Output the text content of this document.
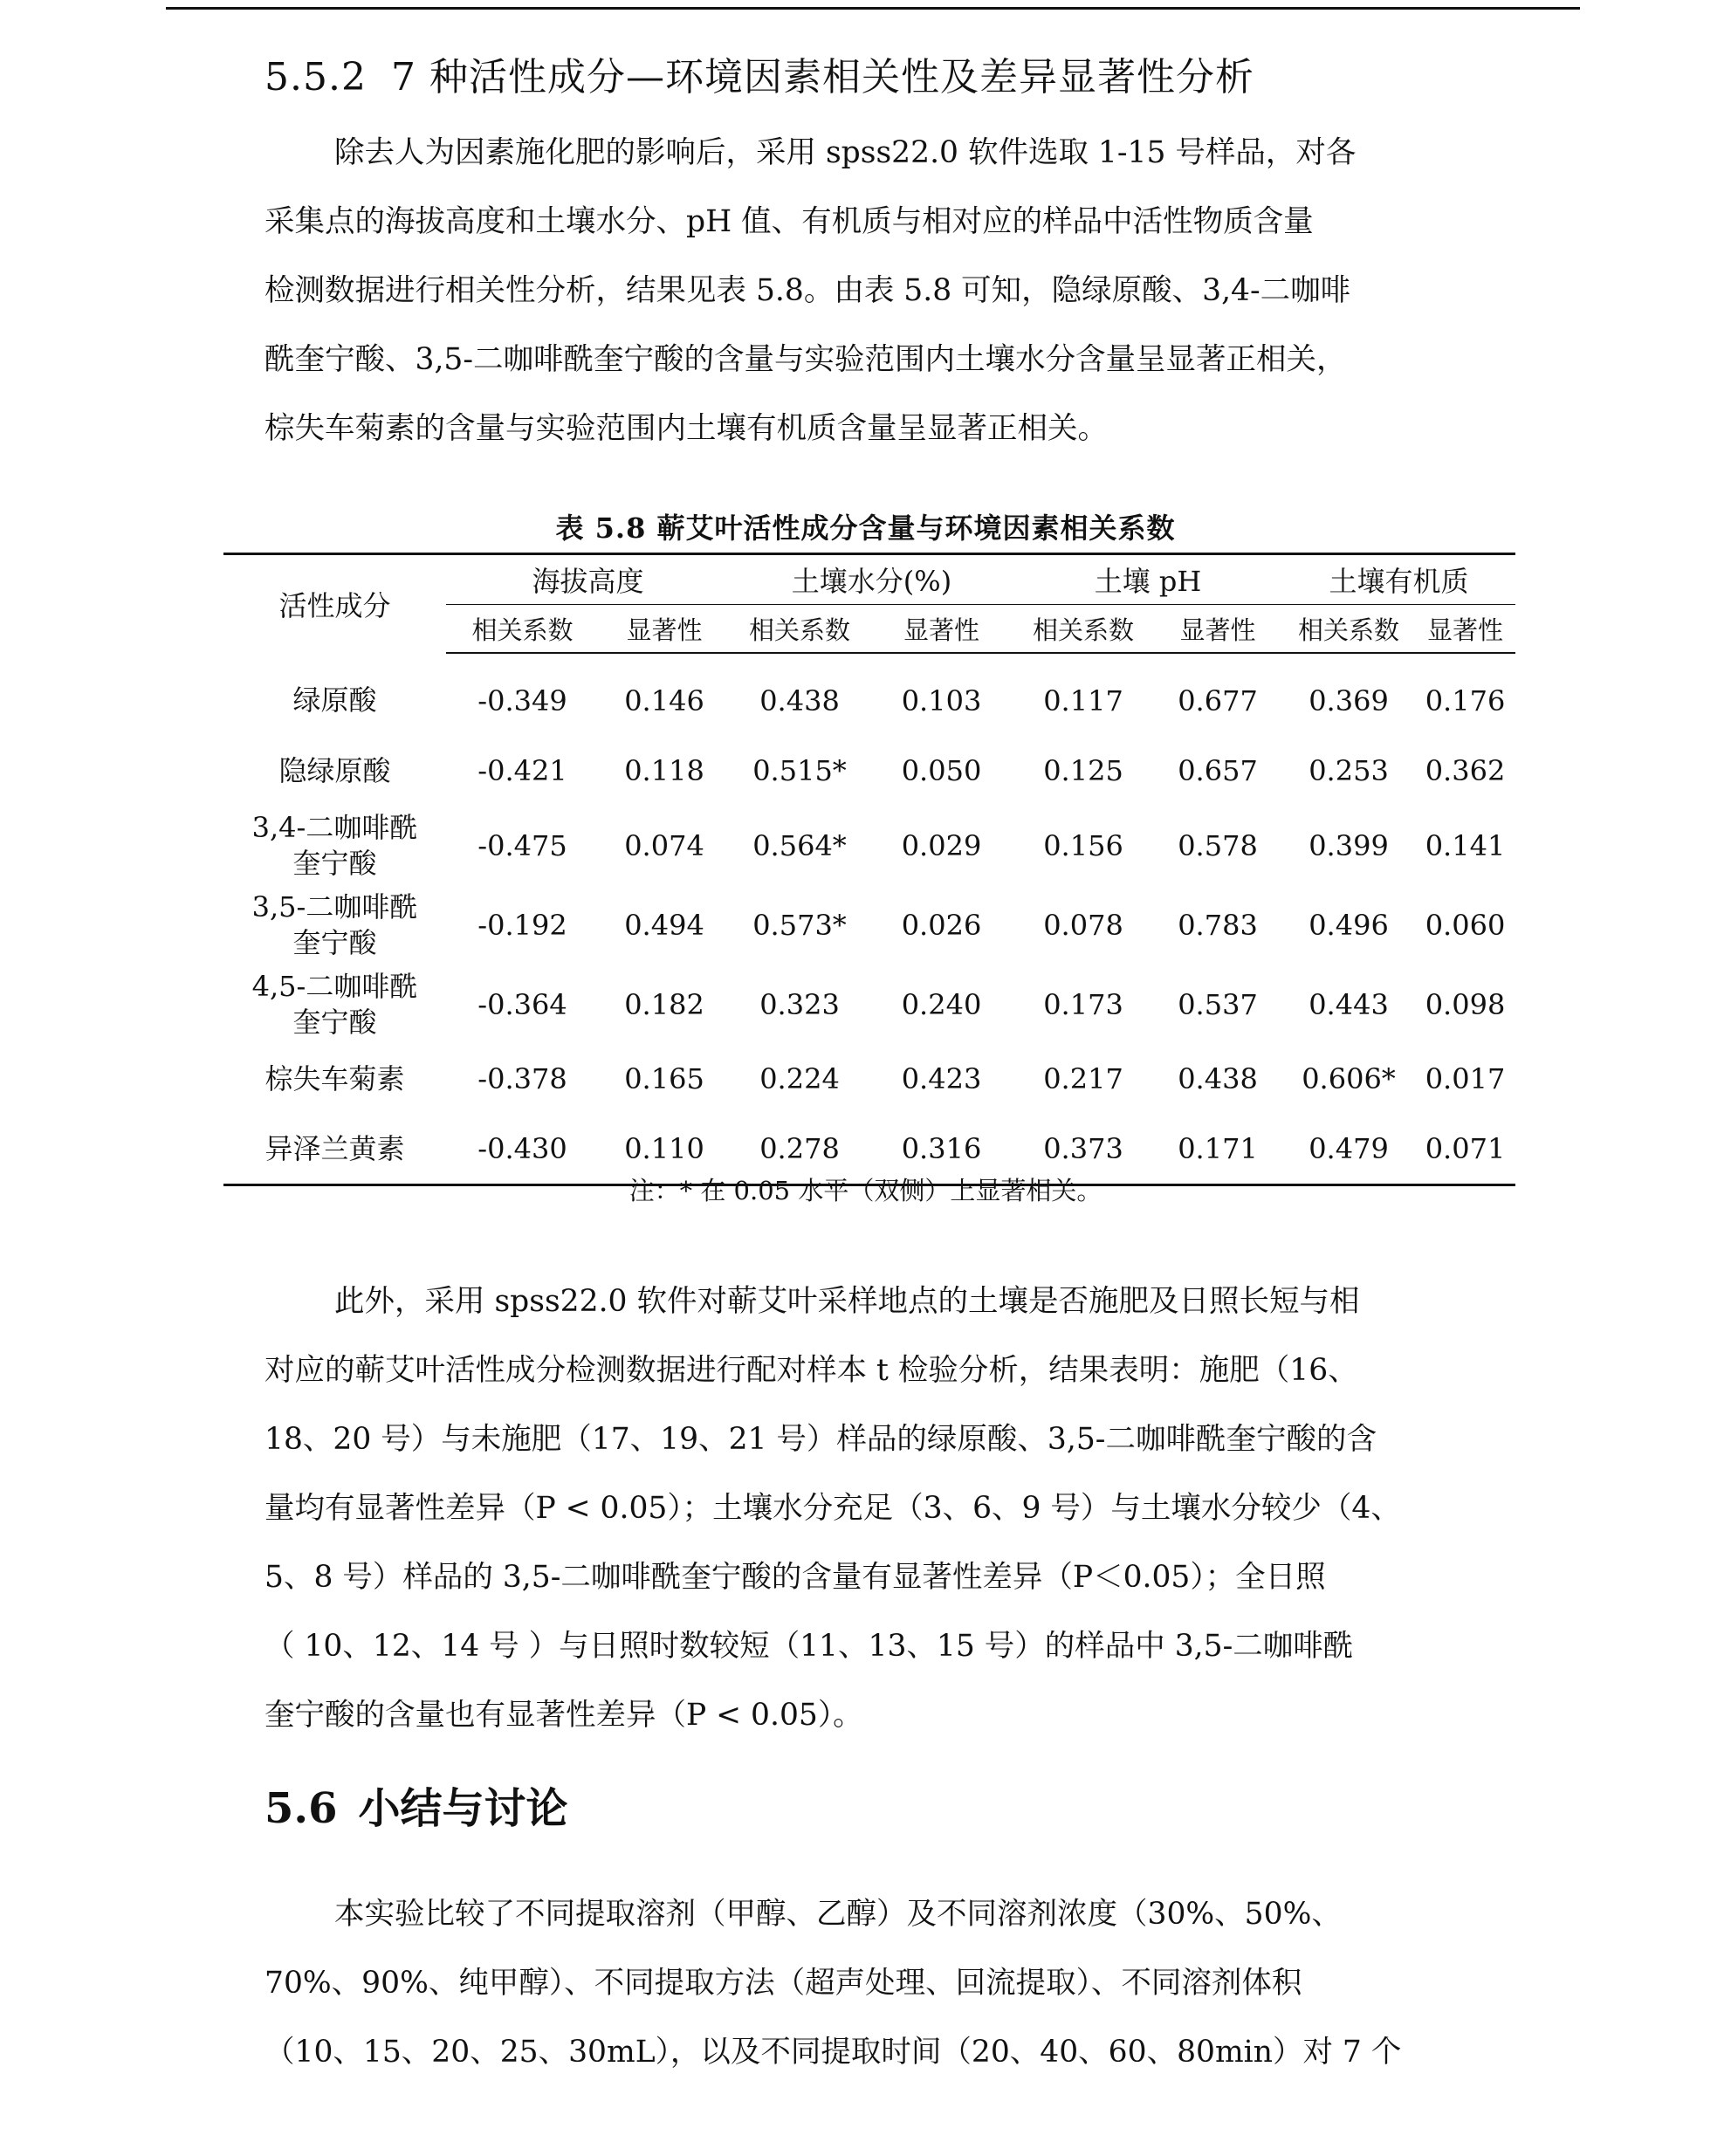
5.5.2 7 种活性成分—环境因素相关性及差异显著性分析

除去人为因素施化肥的影响后，采用 spss22.0 软件选取 1-15 号样品，对各
采集点的海拔高度和土壤水分、pH 值、有机质与相对应的样品中活性物质含量
检测数据进行相关性分析，结果见表 5.8。由表 5.8 可知，隐绿原酸、3,4-二咖啡
酰奎宁酸、3,5-二咖啡酰奎宁酸的含量与实验范围内土壤水分含量呈显著正相关，
棕失车菊素的含量与实验范围内土壤有机质含量呈显著正相关。

表 5.8 蕲艾叶活性成分含量与环境因素相关系数

活性成分	海拔高度		土壤水分(%)		土壤 pH		土壤有机质	
	相关系数	显著性	相关系数	显著性	相关系数	显著性	相关系数	显著性
绿原酸	-0.349	0.146	0.438	0.103	0.117	0.677	0.369	0.176
隐绿原酸	-0.421	0.118	0.515*	0.050	0.125	0.657	0.253	0.362
3,4-二咖啡酰
奎宁酸	-0.475	0.074	0.564*	0.029	0.156	0.578	0.399	0.141
3,5-二咖啡酰
奎宁酸	-0.192	0.494	0.573*	0.026	0.078	0.783	0.496	0.060
4,5-二咖啡酰
奎宁酸	-0.364	0.182	0.323	0.240	0.173	0.537	0.443	0.098
棕失车菊素	-0.378	0.165	0.224	0.423	0.217	0.438	0.606*	0.017
异泽兰黄素	-0.430	0.110	0.278	0.316	0.373	0.171	0.479	0.071

注：* 在 0.05 水平（双侧）上显著相关。

此外，采用 spss22.0 软件对蕲艾叶采样地点的土壤是否施肥及日照长短与相
对应的蕲艾叶活性成分检测数据进行配对样本 t 检验分析，结果表明：施肥（16、
18、20 号）与未施肥（17、19、21 号）样品的绿原酸、3,5-二咖啡酰奎宁酸的含
量均有显著性差异（P < 0.05）；土壤水分充足（3、6、9 号）与土壤水分较少（4、
5、8 号）样品的 3,5-二咖啡酰奎宁酸的含量有显著性差异（P＜0.05）；全日照
（ 10、12、14 号 ）与日照时数较短（11、13、15 号）的样品中 3,5-二咖啡酰
奎宁酸的含量也有显著性差异（P < 0.05）。

5.6 小结与讨论

本实验比较了不同提取溶剂（甲醇、乙醇）及不同溶剂浓度（30%、50%、
70%、90%、纯甲醇）、不同提取方法（超声处理、回流提取）、不同溶剂体积
（10、15、20、25、30mL），以及不同提取时间（20、40、60、80min）对 7 个
